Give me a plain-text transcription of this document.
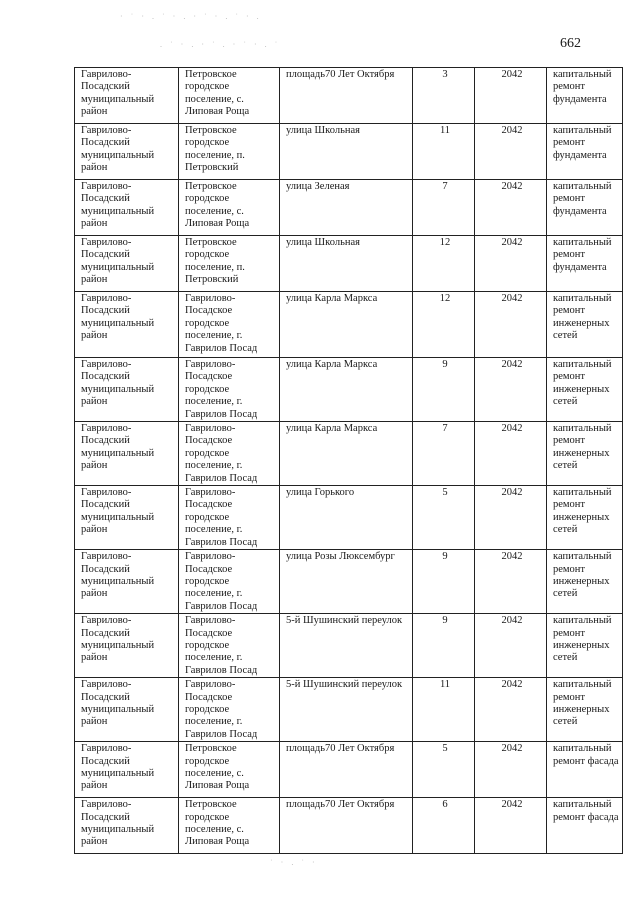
· ˙ · . ˙ · . · ˙ · . ˙ · .
. ˙ · . · ˙ . · ˙ · . ˙	662
Гаврилово-Посадский муниципальный район	Петровское городское поселение, с. Липовая Роща	площадь70 Лет Октября	3	2042	капитальный ремонт фундамента
Гаврилово-Посадский муниципальный район	Петровское городское поселение, п. Петровский	улица Школьная	11	2042	капитальный ремонт фундамента
Гаврилово-Посадский муниципальный район	Петровское городское поселение, с. Липовая Роща	улица Зеленая	7	2042	капитальный ремонт фундамента
Гаврилово-Посадский муниципальный район	Петровское городское поселение, п. Петровский	улица Школьная	12	2042	капитальный ремонт фундамента
Гаврилово-Посадский муниципальный район	Гаврилово-Посадское городское поселение, г. Гаврилов Посад	улица Карла Маркса	12	2042	капитальный ремонт инженерных сетей
Гаврилово-Посадский муниципальный район	Гаврилово-Посадское городское поселение, г. Гаврилов Посад	улица Карла Маркса	9	2042	капитальный ремонт инженерных сетей
Гаврилово-Посадский муниципальный район	Гаврилово-Посадское городское поселение, г. Гаврилов Посад	улица Карла Маркса	7	2042	капитальный ремонт инженерных сетей
Гаврилово-Посадский муниципальный район	Гаврилово-Посадское городское поселение, г. Гаврилов Посад	улица Горького	5	2042	капитальный ремонт инженерных сетей
Гаврилово-Посадский муниципальный район	Гаврилово-Посадское городское поселение, г. Гаврилов Посад	улица Розы Люксембург	9	2042	капитальный ремонт инженерных сетей
Гаврилово-Посадский муниципальный район	Гаврилово-Посадское городское поселение, г. Гаврилов Посад	5-й Шушинский переулок	9	2042	капитальный ремонт инженерных сетей
Гаврилово-Посадский муниципальный район	Гаврилово-Посадское городское поселение, г. Гаврилов Посад	5-й Шушинский переулок	11	2042	капитальный ремонт инженерных сетей
Гаврилово-Посадский муниципальный район	Петровское городское поселение, с. Липовая Роща	площадь70 Лет Октября	5	2042	капитальный ремонт фасада
Гаврилово-Посадский муниципальный район	Петровское городское поселение, с. Липовая Роща	площадь70 Лет Октября	6	2042	капитальный ремонт фасада
˙ · . ˙ ·
